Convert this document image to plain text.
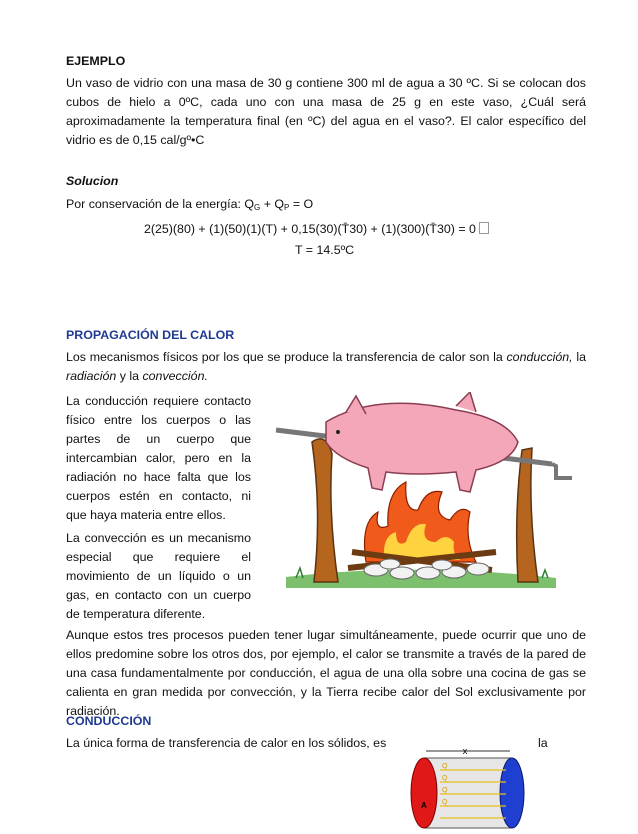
EJEMPLO

Un vaso de vidrio con una masa de 30 g contiene 300 ml de agua a 30 ºC. Si se colocan dos cubos de hielo a 0ºC, cada uno con una masa de 25 g en este vaso, ¿Cuál será aproximadamente la temperatura final (en ºC) del agua en el vaso?. El calor específico del vidrio es de 0,15 cal/gº•C

Solucion

Por conservación de la energía: $Q_G + Q_P = O$

2(25)(80) + (1)(50)(1)(T) + 0,15(30)(T̄30) + (1)(300)(T̄30) = 0

T = 14.5ºC

PROPAGACIÓN DEL CALOR

Los mecanismos físicos por los que se produce la transferencia de calor son la conducción, la radiación y la convección.

La conducción requiere contacto físico entre los cuerpos o las partes de un cuerpo que intercambian calor, pero en la radiación no hace falta que los cuerpos estén en contacto, ni que haya materia entre ellos.

La convección es un mecanismo especial que requiere el movimiento de un líquido o un gas, en contacto con un cuerpo de temperatura diferente.

Aunque estos tres procesos pueden tener lugar simultáneamente, puede ocurrir que uno de ellos predomine sobre los otros dos, por ejemplo, el calor se transmite a través de la pared de una casa fundamentalmente por conducción, el agua de una olla sobre una cocina de gas se calienta en gran medida por convección, y la Tierra recibe calor del Sol exclusivamente por radiación.

CONDUCCIÓN

La única forma de transferencia de calor en los sólidos, es	la
x
Q
Q
Q
Q
A
